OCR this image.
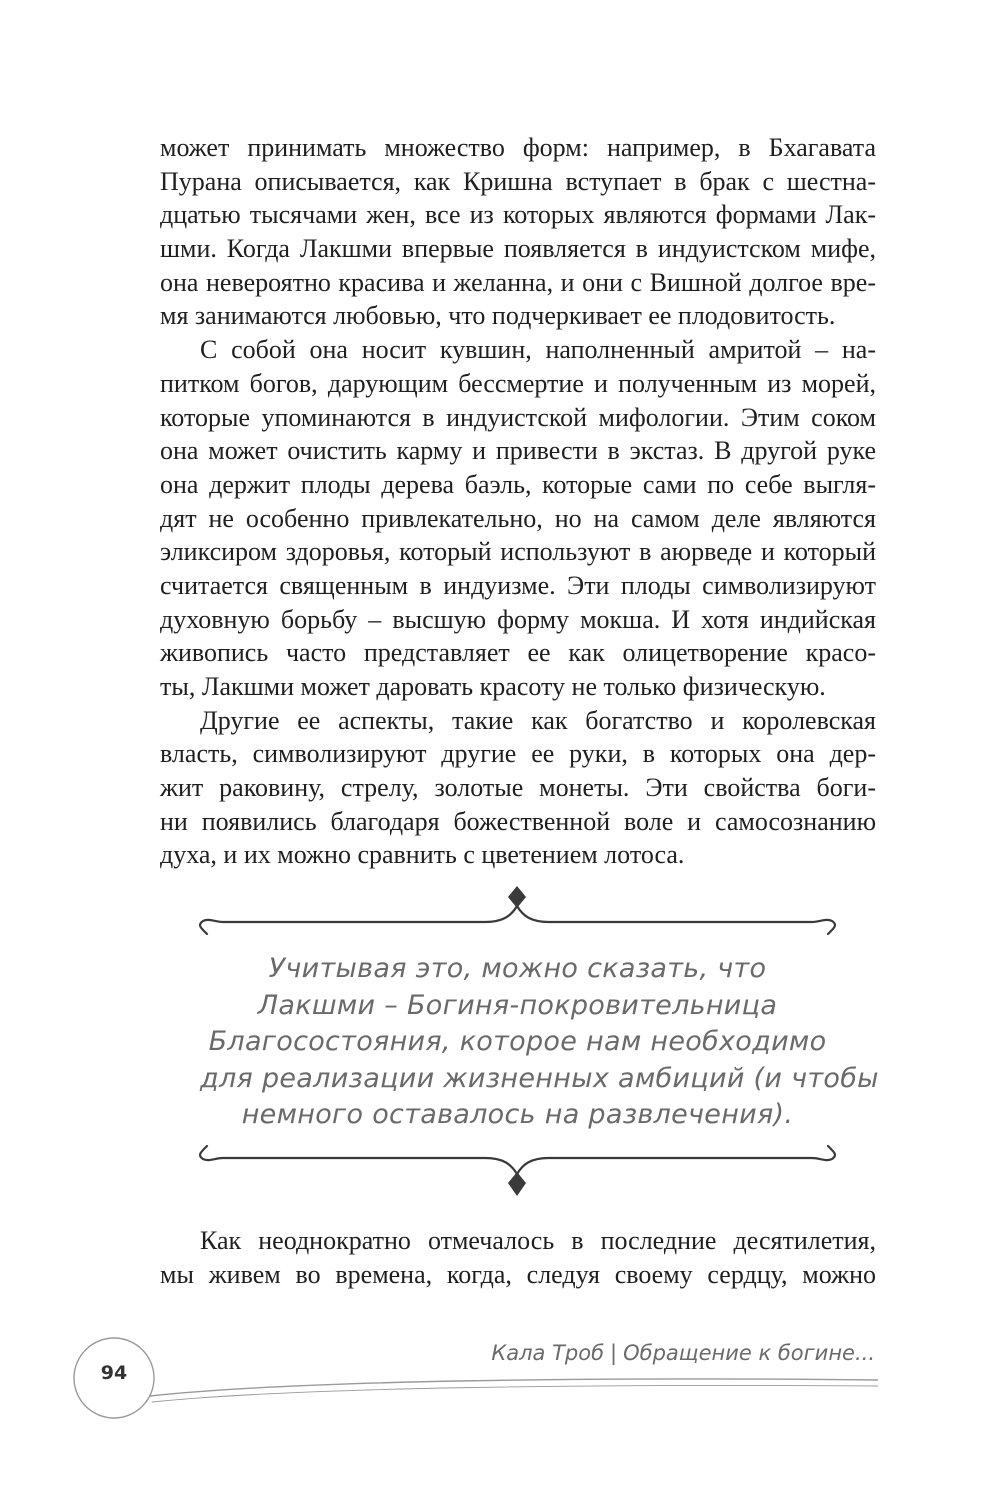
может принимать множество форм: например, в Бхагавата
Пурана описывается, как Кришна вступает в брак с шестна-
дцатью тысячами жен, все из которых являются формами Лак-
шми. Когда Лакшми впервые появляется в индуистском мифе,
она невероятно красива и желанна, и они с Вишной долгое вре-
мя занимаются любовью, что подчеркивает ее плодовитость.
С собой она носит кувшин, наполненный амритой – на-
питком богов, дарующим бессмертие и полученным из морей,
которые упоминаются в индуистской мифологии. Этим соком
она может очистить карму и привести в экстаз. В другой руке
она держит плоды дерева баэль, которые сами по себе выгля-
дят не особенно привлекательно, но на самом деле являются
эликсиром здоровья, который используют в аюрведе и который
считается священным в индуизме. Эти плоды символизируют
духовную борьбу – высшую форму мокша. И хотя индийская
живопись часто представляет ее как олицетворение красо-
ты, Лакшми может даровать красоту не только физическую.
Другие ее аспекты, такие как богатство и королевская
власть, символизируют другие ее руки, в которых она дер-
жит раковину, стрелу, золотые монеты. Эти свойства боги-
ни появились благодаря божественной воле и самосознанию
духа, и их можно сравнить с цветением лотоса.
Учитывая это, можно сказать, что
Лакшми – Богиня-покровительница
Благосостояния, которое нам необходимо
для реализации жизненных амбиций (и чтобы
немного оставалось на развлечения).
Как неоднократно отмечалось в последние десятилетия,
мы живем во времена, когда, следуя своему сердцу, можно
94
Кала Троб | Обращение к богине...
